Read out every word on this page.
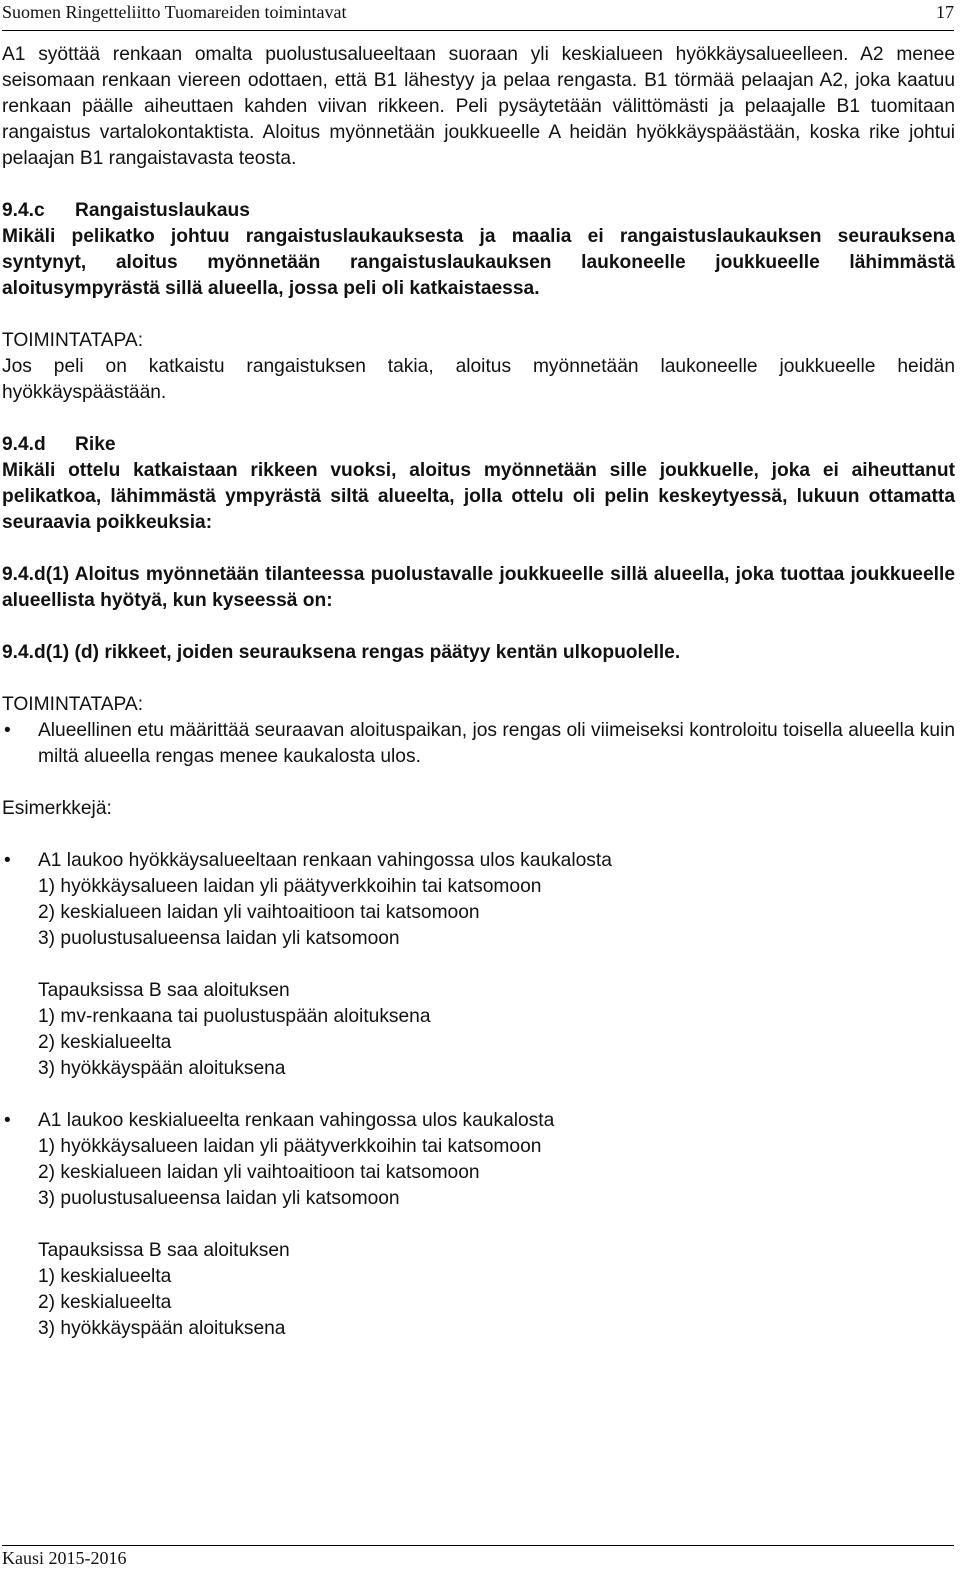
Suomen Ringetteliitto Tuomareiden toimintavat	17

A1 syöttää renkaan omalta puolustusalueeltaan suoraan yli keskialueen hyökkäysalueelleen. A2 menee seisomaan renkaan viereen odottaen, että B1 lähestyy ja pelaa rengasta. B1 törmää pelaajan A2, joka kaatuu renkaan päälle aiheuttaen kahden viivan rikkeen. Peli pysäytetään välittömästi ja pelaajalle B1 tuomitaan rangaistus vartalokontaktista. Aloitus myönnetään joukkueelle A heidän hyökkäyspäästään, koska rike johtui pelaajan B1 rangaistavasta teosta.

9.4.c Rangaistuslaukaus

Mikäli pelikatko johtuu rangaistuslaukauksesta ja maalia ei rangaistuslaukauksen seurauksena syntynyt, aloitus myönnetään rangaistuslaukauksen laukoneelle joukkueelle lähimmästä aloitusympyrästä sillä alueella, jossa peli oli katkaistaessa.

TOIMINTATAPA:

Jos peli on katkaistu rangaistuksen takia, aloitus myönnetään laukoneelle joukkueelle heidän hyökkäyspäästään.

9.4.d Rike

Mikäli ottelu katkaistaan rikkeen vuoksi, aloitus myönnetään sille joukkuelle, joka ei aiheuttanut pelikatkoa, lähimmästä ympyrästä siltä alueelta, jolla ottelu oli pelin keskeytyessä, lukuun ottamatta seuraavia poikkeuksia:

9.4.d(1) Aloitus myönnetään tilanteessa puolustavalle joukkueelle sillä alueella, joka tuottaa joukkueelle alueellista hyötyä, kun kyseessä on:

9.4.d(1) (d) rikkeet, joiden seurauksena rengas päätyy kentän ulkopuolelle.

TOIMINTATAPA:

• Alueellinen etu määrittää seuraavan aloituspaikan, jos rengas oli viimeiseksi kontroloitu toisella alueella kuin miltä alueella rengas menee kaukalosta ulos.

Esimerkkejä:

• A1 laukoo hyökkäysalueeltaan renkaan vahingossa ulos kaukalosta

1) hyökkäysalueen laidan yli päätyverkkoihin tai katsomoon

2) keskialueen laidan yli vaihtoaitioon tai katsomoon

3) puolustusalueensa laidan yli katsomoon

Tapauksissa B saa aloituksen

1) mv-renkaana tai puolustuspään aloituksena

2) keskialueelta

3) hyökkäyspään aloituksena

• A1 laukoo keskialueelta renkaan vahingossa ulos kaukalosta

1) hyökkäysalueen laidan yli päätyverkkoihin tai katsomoon

2) keskialueen laidan yli vaihtoaitioon tai katsomoon

3) puolustusalueensa laidan yli katsomoon

Tapauksissa B saa aloituksen

1) keskialueelta

2) keskialueelta

3) hyökkäyspään aloituksena

Kausi 2015-2016
